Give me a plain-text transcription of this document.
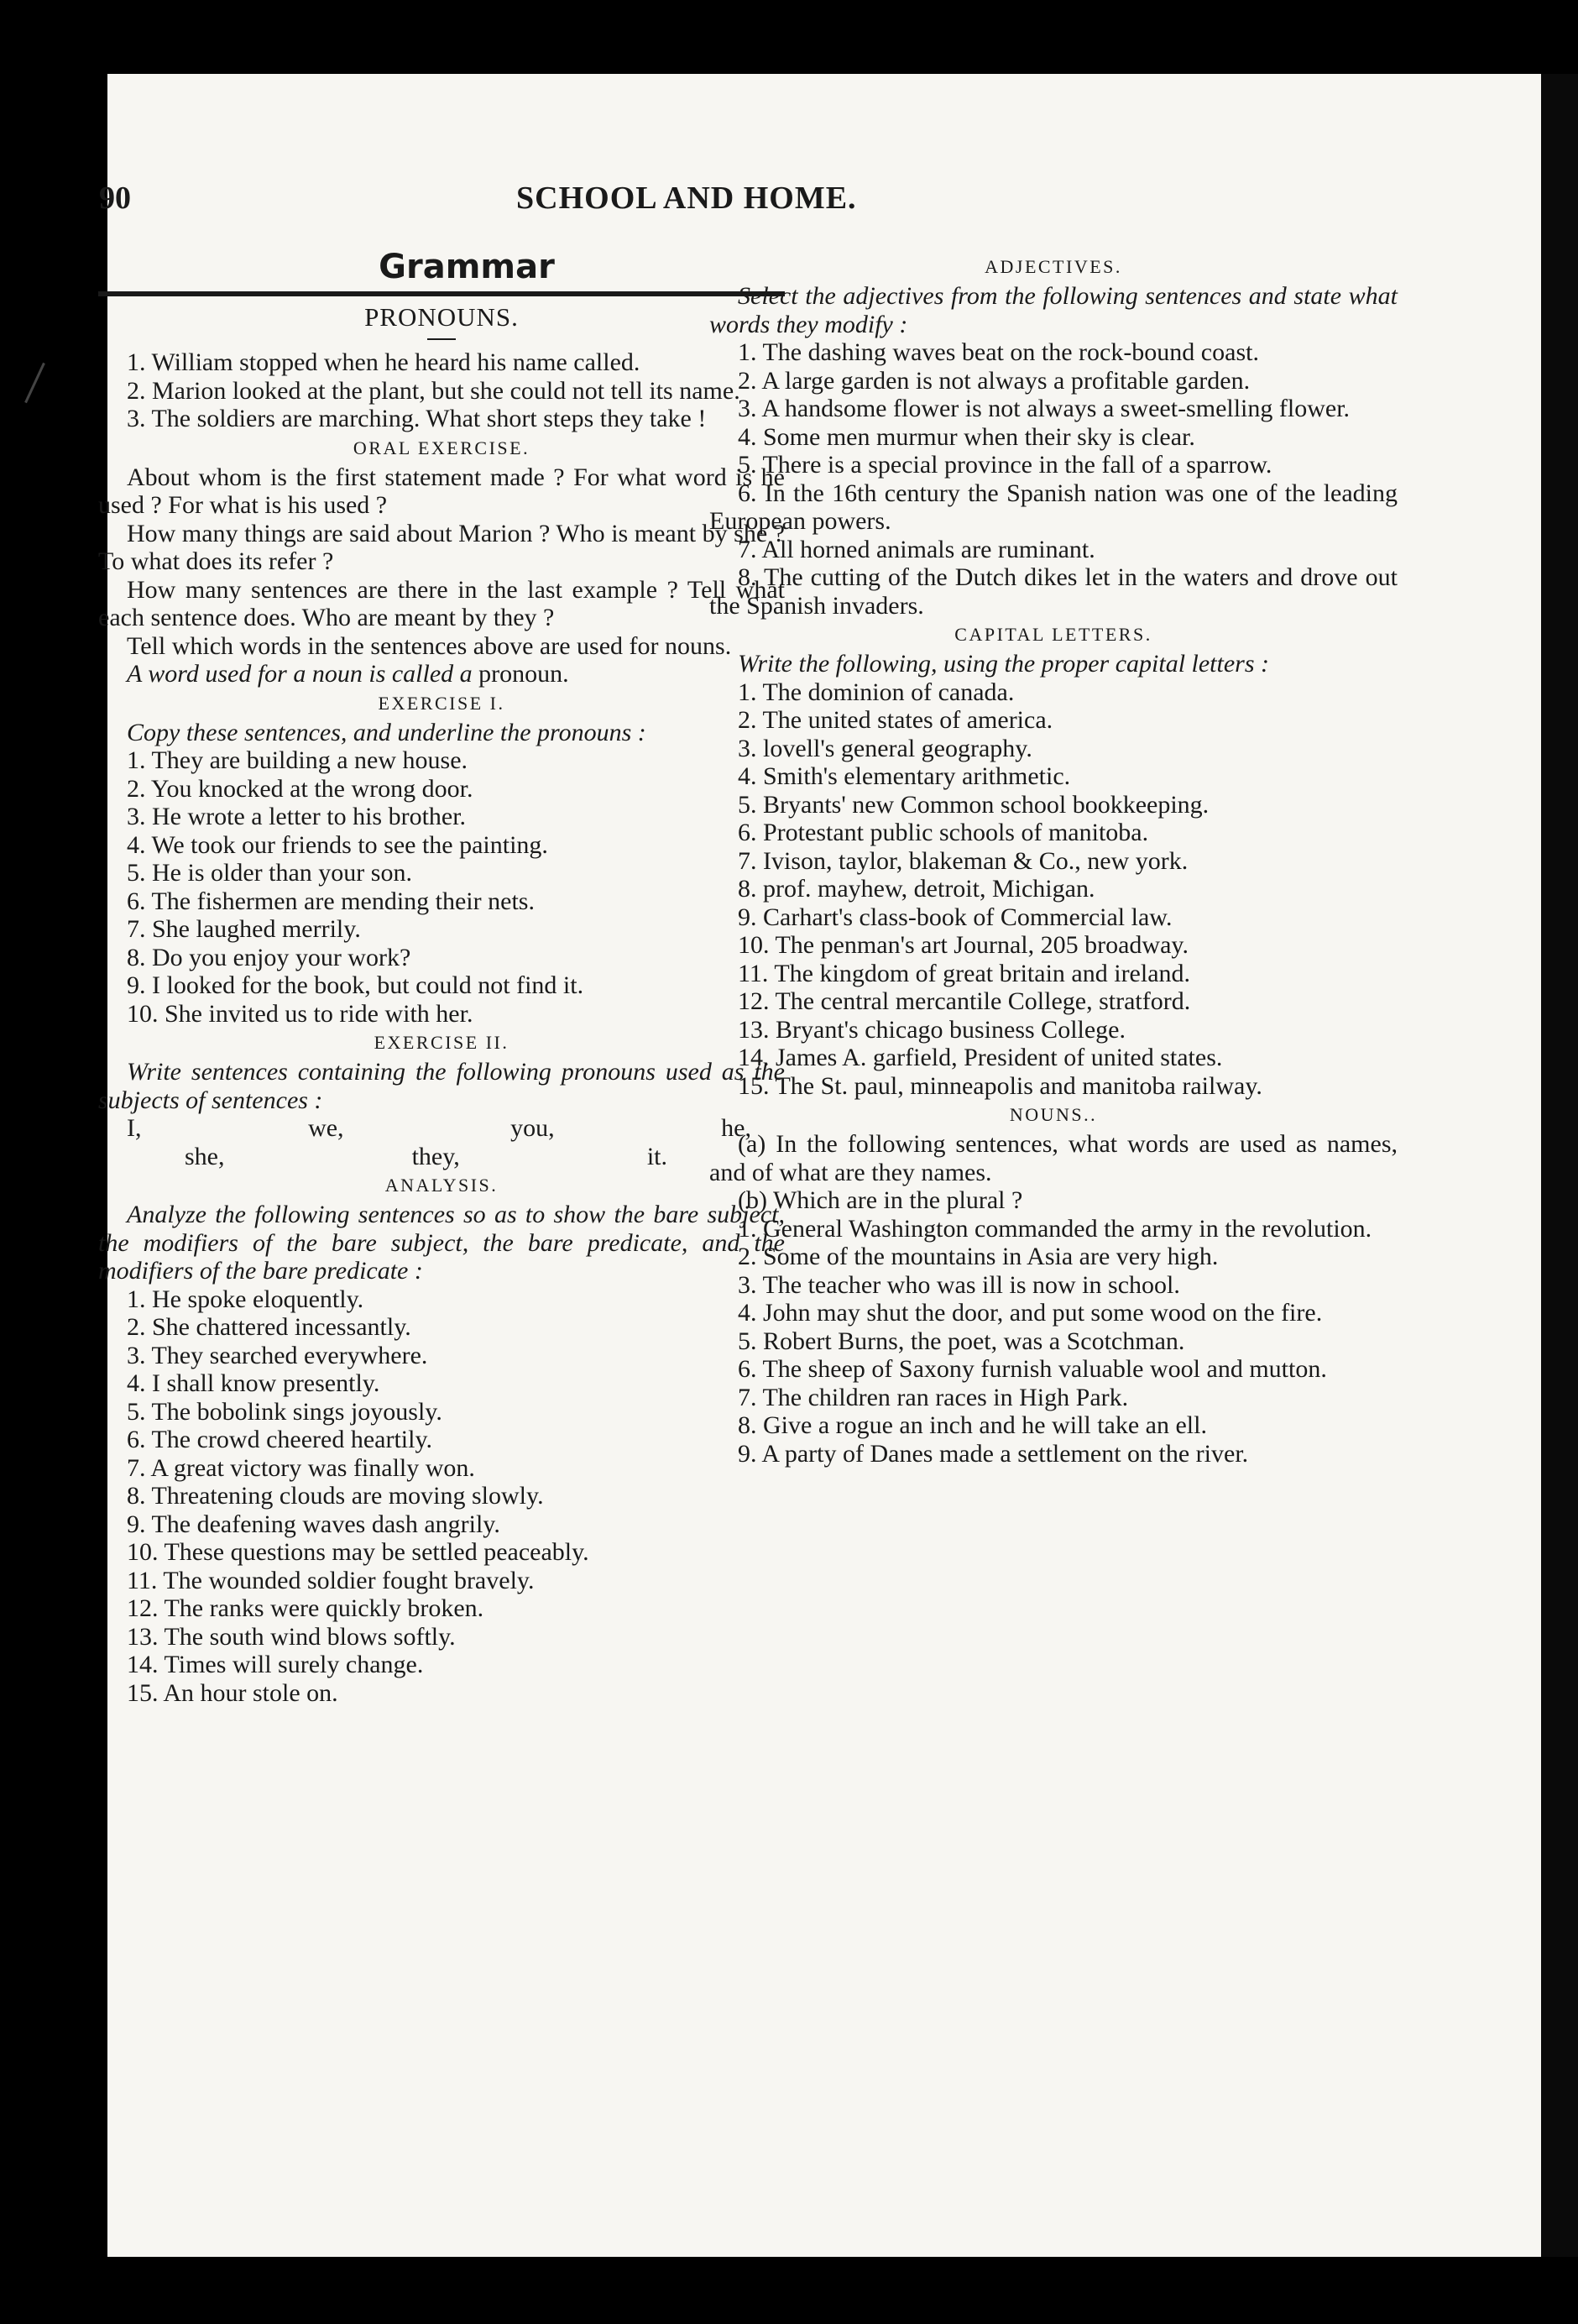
90	SCHOOL AND HOME.
Grammar
PRONOUNS.

1. William stopped when he heard his name called.

2. Marion looked at the plant, but she could not tell its name.

3. The soldiers are marching. What short steps they take !

ORAL EXERCISE.

About whom is the first statement made ? For what word is he used ? For what is his used ?

How many things are said about Marion ? Who is meant by she ? To what does its refer ?

How many sentences are there in the last example ? Tell what each sentence does. Who are meant by they ?

Tell which words in the sentences above are used for nouns.

A word used for a noun is called a pronoun.

EXERCISE I.

Copy these sentences, and underline the pronouns :

1. They are building a new house.

2. You knocked at the wrong door.

3. He wrote a letter to his brother.

4. We took our friends to see the painting.

5. He is older than your son.

6. The fishermen are mending their nets.

7. She laughed merrily.

8. Do you enjoy your work?

9. I looked for the book, but could not find it.

10. She invited us to ride with her.

EXERCISE II.

Write sentences containing the following pronouns used as the subjects of sentences :

I,	we,	you,	he,
she,	they,	it.
ANALYSIS.

Analyze the following sentences so as to show the bare subject, the modifiers of the bare subject, the bare predicate, and the modifiers of the bare predicate :

1. He spoke eloquently.

2. She chattered incessantly.

3. They searched everywhere.

4. I shall know presently.

5. The bobolink sings joyously.

6. The crowd cheered heartily.

7. A great victory was finally won.

8. Threatening clouds are moving slowly.

9. The deafening waves dash angrily.

10. These questions may be settled peaceably.

11. The wounded soldier fought bravely.

12. The ranks were quickly broken.

13. The south wind blows softly.

14. Times will surely change.

15. An hour stole on.

ADJECTIVES.

Select the adjectives from the following sentences and state what words they modify :

1. The dashing waves beat on the rock-bound coast.

2. A large garden is not always a profitable garden.

3. A handsome flower is not always a sweet-smelling flower.

4. Some men murmur when their sky is clear.

5. There is a special province in the fall of a sparrow.

6. In the 16th century the Spanish nation was one of the leading European powers.

7. All horned animals are ruminant.

8. The cutting of the Dutch dikes let in the waters and drove out the Spanish invaders.

CAPITAL LETTERS.

Write the following, using the proper capital letters :

1. The dominion of canada.

2. The united states of america.

3. lovell's general geography.

4. Smith's elementary arithmetic.

5. Bryants' new Common school bookkeeping.

6. Protestant public schools of manitoba.

7. Ivison, taylor, blakeman & Co., new york.

8. prof. mayhew, detroit, Michigan.

9. Carhart's class-book of Commercial law.

10. The penman's art Journal, 205 broadway.

11. The kingdom of great britain and ireland.

12. The central mercantile College, stratford.

13. Bryant's chicago business College.

14. James A. garfield, President of united states.

15. The St. paul, minneapolis and manitoba railway.

NOUNS..

(a) In the following sentences, what words are used as names, and of what are they names.

(b) Which are in the plural ?

1. General Washington commanded the army in the revolution.

2. Some of the mountains in Asia are very high.

3. The teacher who was ill is now in school.

4. John may shut the door, and put some wood on the fire.

5. Robert Burns, the poet, was a Scotchman.

6. The sheep of Saxony furnish valuable wool and mutton.

7. The children ran races in High Park.

8. Give a rogue an inch and he will take an ell.

9. A party of Danes made a settlement on the river.
